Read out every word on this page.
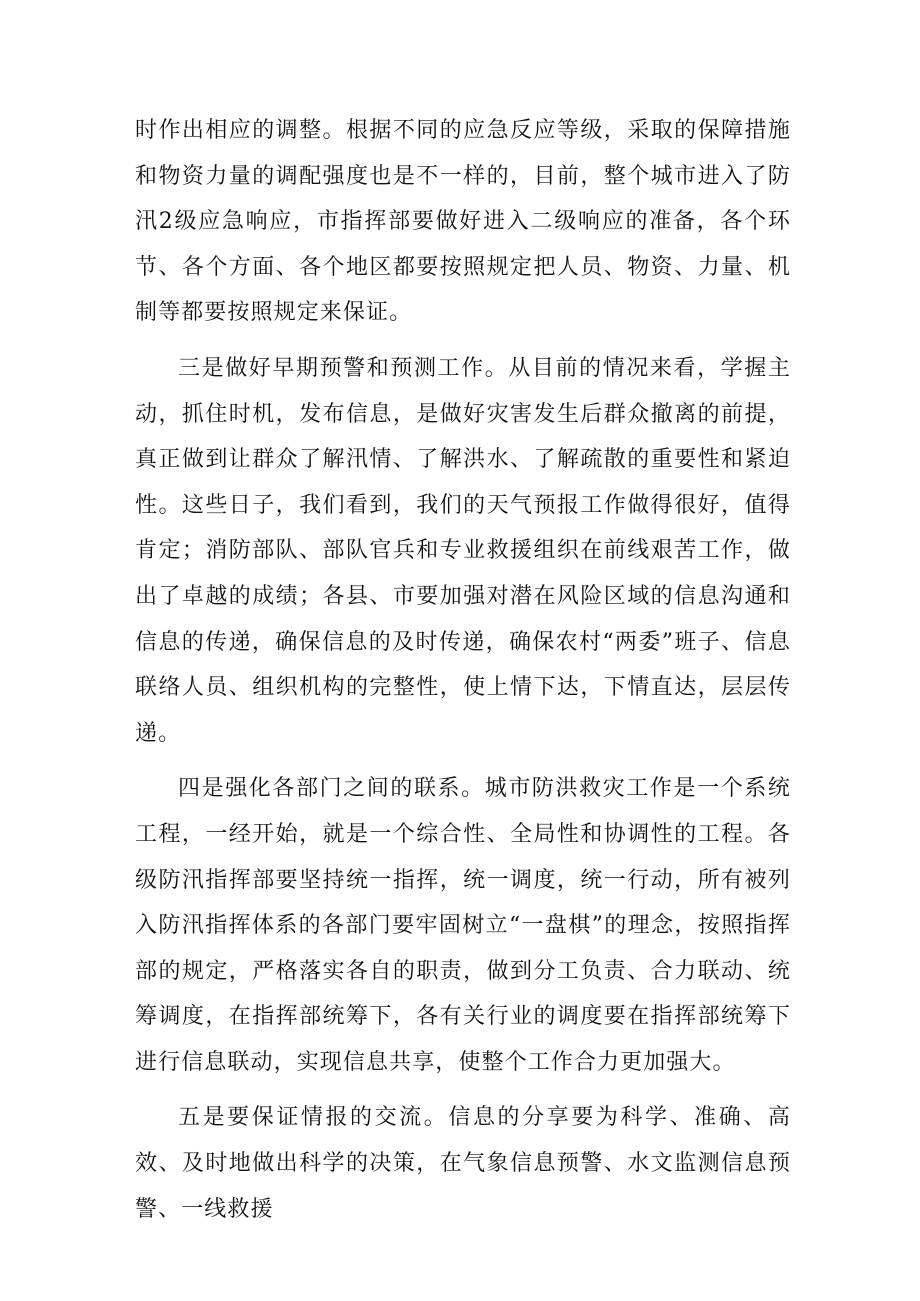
时作出相应的调整。根据不同的应急反应等级，采取的保障措施和物资力量的调配强度也是不一样的，目前，整个城市进入了防汛2级应急响应，市指挥部要做好进入二级响应的准备，各个环节、各个方面、各个地区都要按照规定把人员、物资、力量、机制等都要按照规定来保证。

三是做好早期预警和预测工作。从目前的情况来看，学握主动，抓住时机，发布信息，是做好灾害发生后群众撤离的前提，真正做到让群众了解汛情、了解洪水、了解疏散的重要性和紧迫性。这些日子，我们看到，我们的天气预报工作做得很好，值得肯定；消防部队、部队官兵和专业救援组织在前线艰苦工作，做出了卓越的成绩；各县、市要加强对潜在风险区域的信息沟通和信息的传递，确保信息的及时传递，确保农村“两委”班子、信息联络人员、组织机构的完整性，使上情下达，下情直达，层层传递。

四是强化各部门之间的联系。城市防洪救灾工作是一个系统工程，一经开始，就是一个综合性、全局性和协调性的工程。各级防汛指挥部要坚持统一指挥，统一调度，统一行动，所有被列入防汛指挥体系的各部门要牢固树立“一盘棋”的理念，按照指挥部的规定，严格落实各自的职责，做到分工负责、合力联动、统筹调度，在指挥部统筹下，各有关行业的调度要在指挥部统筹下进行信息联动，实现信息共享，使整个工作合力更加强大。

五是要保证情报的交流。信息的分享要为科学、准确、高效、及时地做出科学的决策，在气象信息预警、水文监测信息预警、一线救援
